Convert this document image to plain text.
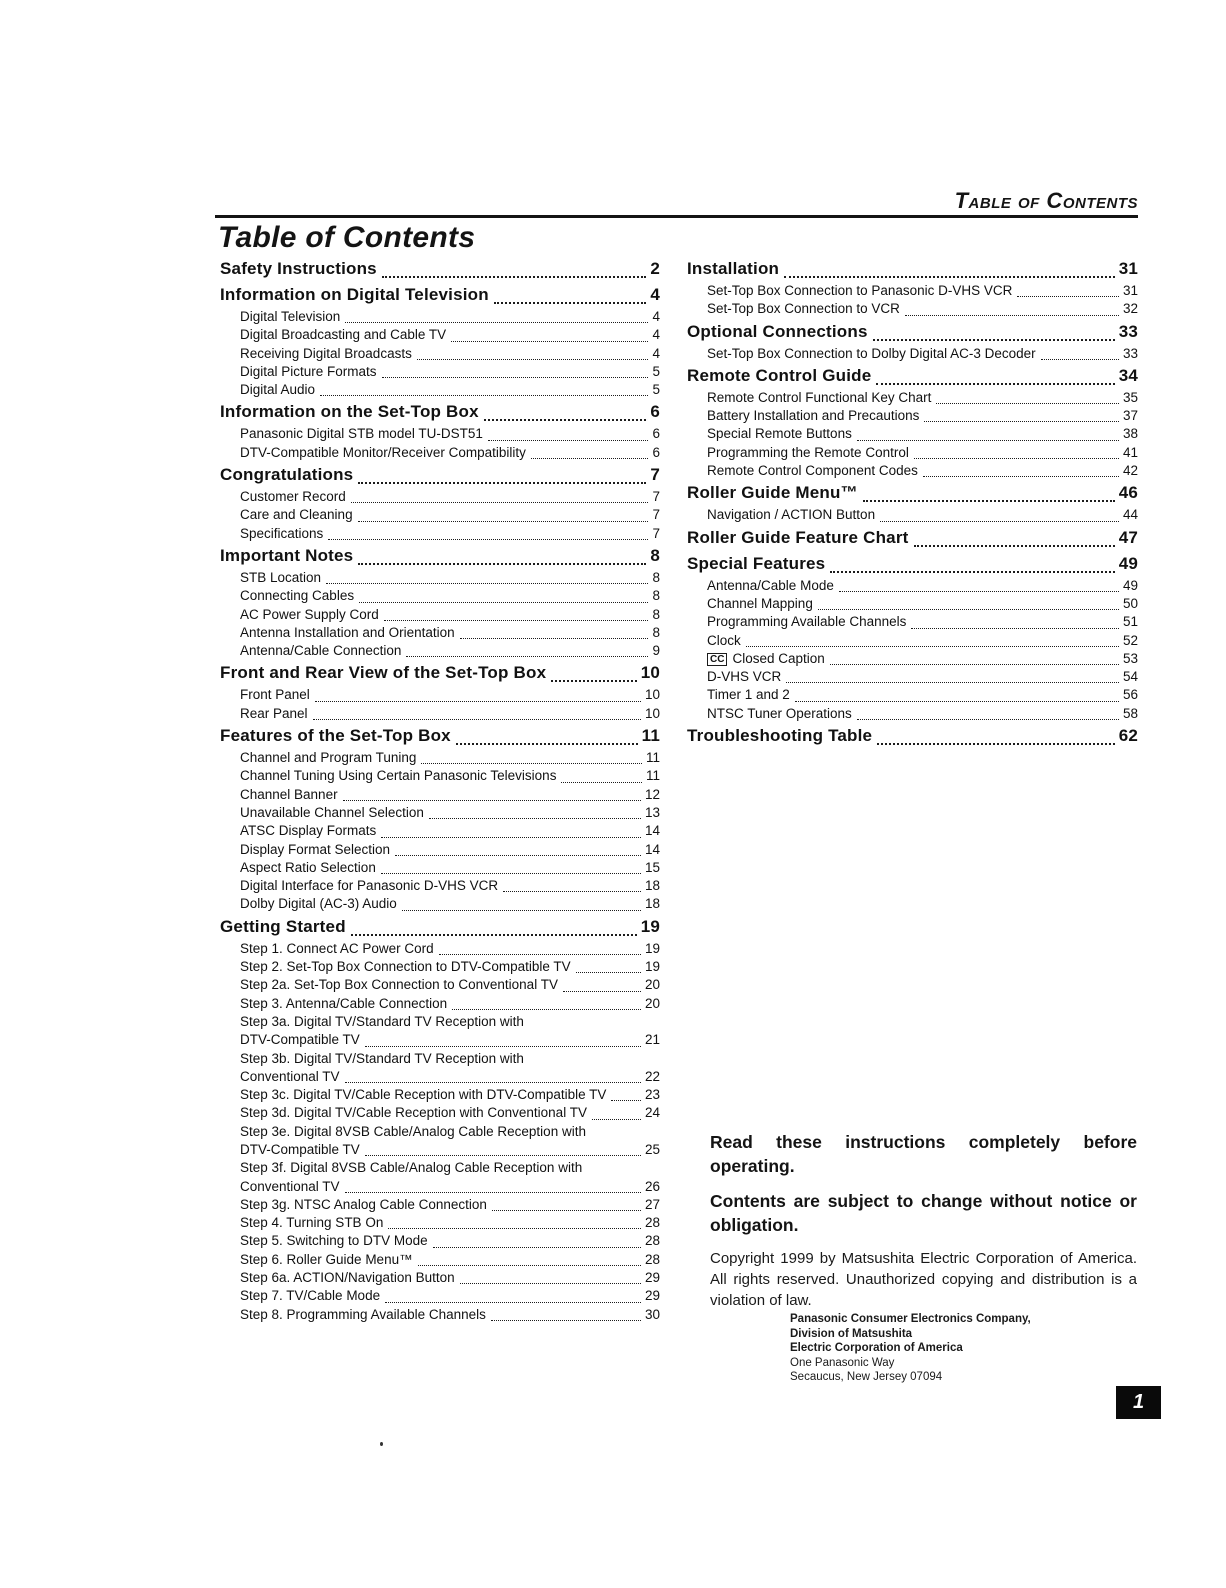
Table of Contents
Table of Contents
Safety Instructions	2
Information on Digital Television	4
Digital Television	4
Digital Broadcasting and Cable TV	4
Receiving Digital Broadcasts	4
Digital Picture Formats	5
Digital Audio	5
Information on the Set-Top Box	6
Panasonic Digital STB model TU-DST51	6
DTV-Compatible Monitor/Receiver Compatibility	6
Congratulations	7
Customer Record	7
Care and Cleaning	7
Specifications	7
Important Notes	8
STB Location	8
Connecting Cables	8
AC Power Supply Cord	8
Antenna Installation and Orientation	8
Antenna/Cable Connection	9
Front and Rear View of the Set-Top Box	10
Front Panel	10
Rear Panel	10
Features of the Set-Top Box	11
Channel and Program Tuning	11
Channel Tuning Using Certain Panasonic Televisions	11
Channel Banner	12
Unavailable Channel Selection	13
ATSC Display Formats	14
Display Format Selection	14
Aspect Ratio Selection	15
Digital Interface for Panasonic D-VHS VCR	18
Dolby Digital (AC-3) Audio	18
Getting Started	19
Step 1. Connect AC Power Cord	19
Step 2. Set-Top Box Connection to DTV-Compatible TV	19
Step 2a. Set-Top Box Connection to Conventional TV	20
Step 3. Antenna/Cable Connection	20
Step 3a. Digital TV/Standard TV Reception with
DTV-Compatible TV	21
Step 3b. Digital TV/Standard TV Reception with
Conventional TV	22
Step 3c. Digital TV/Cable Reception with DTV-Compatible TV	23
Step 3d. Digital TV/Cable Reception with Conventional TV	24
Step 3e. Digital 8VSB Cable/Analog Cable Reception with
DTV-Compatible TV	25
Step 3f. Digital 8VSB Cable/Analog Cable Reception with
Conventional TV	26
Step 3g. NTSC Analog Cable Connection	27
Step 4. Turning STB On	28
Step 5. Switching to DTV Mode	28
Step 6. Roller Guide Menu™	28
Step 6a. ACTION/Navigation Button	29
Step 7. TV/Cable Mode	29
Step 8. Programming Available Channels	30
Installation	31
Set-Top Box Connection to Panasonic D-VHS VCR	31
Set-Top Box Connection to VCR	32
Optional Connections	33
Set-Top Box Connection to Dolby Digital AC-3 Decoder	33
Remote Control Guide	34
Remote Control Functional Key Chart	35
Battery Installation and Precautions	37
Special Remote Buttons	38
Programming the Remote Control	41
Remote Control Component Codes	42
Roller Guide Menu™	46
Navigation / ACTION Button	44
Roller Guide Feature Chart	47
Special Features	49
Antenna/Cable Mode	49
Channel Mapping	50
Programming Available Channels	51
Clock	52
CC Closed Caption	53
D-VHS VCR	54
Timer 1 and 2	56
NTSC Tuner Operations	58
Troubleshooting Table	62

Read these instructions completely before operating.

Contents are subject to change without notice or obligation.

Copyright 1999 by Matsushita Electric Corporation of America. All rights reserved. Unauthorized copying and distribution is a violation of law.

Panasonic Consumer Electronics Company,
Division of Matsushita
Electric Corporation of America
One Panasonic Way
Secaucus, New Jersey 07094
1
